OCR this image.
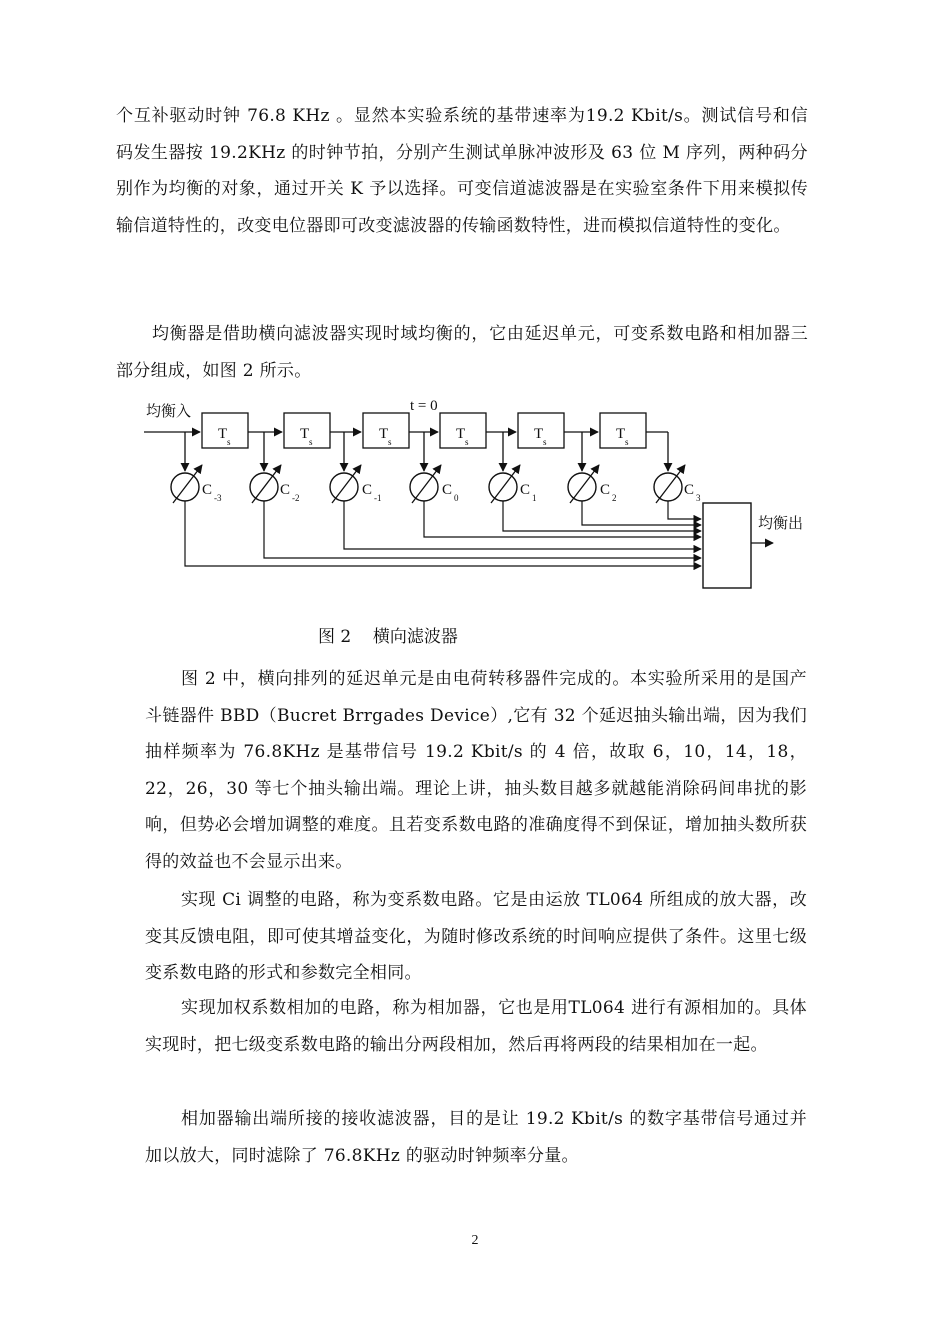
个互补驱动时钟 76.8 KHz 。显然本实验系统的基带速率为19.2 Kbit/s。测试信号和信码发生器按 19.2KHz 的时钟节拍，分别产生测试单脉冲波形及 63 位 M 序列，两种码分别作为均衡的对象，通过开关 K 予以选择。可变信道滤波器是在实验室条件下用来模拟传输信道特性的，改变电位器即可改变滤波器的传输函数特性，进而模拟信道特性的变化。

均衡器是借助横向滤波器实现时域均衡的，它由延迟单元，可变系数电路和相加器三部分组成，如图 2 所示。

均衡入	t = 0
T s	T s	T s	T s	T s	T s
C -3	C -2	C -1	C 0	C 1	C 2	C 3
均衡出
图 2    横向滤波器

图 2 中，横向排列的延迟单元是由电荷转移器件完成的。本实验所采用的是国产斗链器件 BBD（Bucret Brrgades Device）,它有 32 个延迟抽头输出端，因为我们抽样频率为 76.8KHz 是基带信号 19.2 Kbit/s 的 4 倍，故取 6，10，14，18，22，26，30 等七个抽头输出端。理论上讲，抽头数目越多就越能消除码间串扰的影响，但势必会增加调整的难度。且若变系数电路的准确度得不到保证，增加抽头数所获得的效益也不会显示出来。

实现 Ci 调整的电路，称为变系数电路。它是由运放 TL064 所组成的放大器，改变其反馈电阻，即可使其增益变化，为随时修改系统的时间响应提供了条件。这里七级变系数电路的形式和参数完全相同。

实现加权系数相加的电路，称为相加器，它也是用TL064 进行有源相加的。具体实现时，把七级变系数电路的输出分两段相加，然后再将两段的结果相加在一起。

相加器输出端所接的接收滤波器，目的是让 19.2 Kbit/s 的数字基带信号通过并加以放大，同时滤除了 76.8KHz 的驱动时钟频率分量。

2
